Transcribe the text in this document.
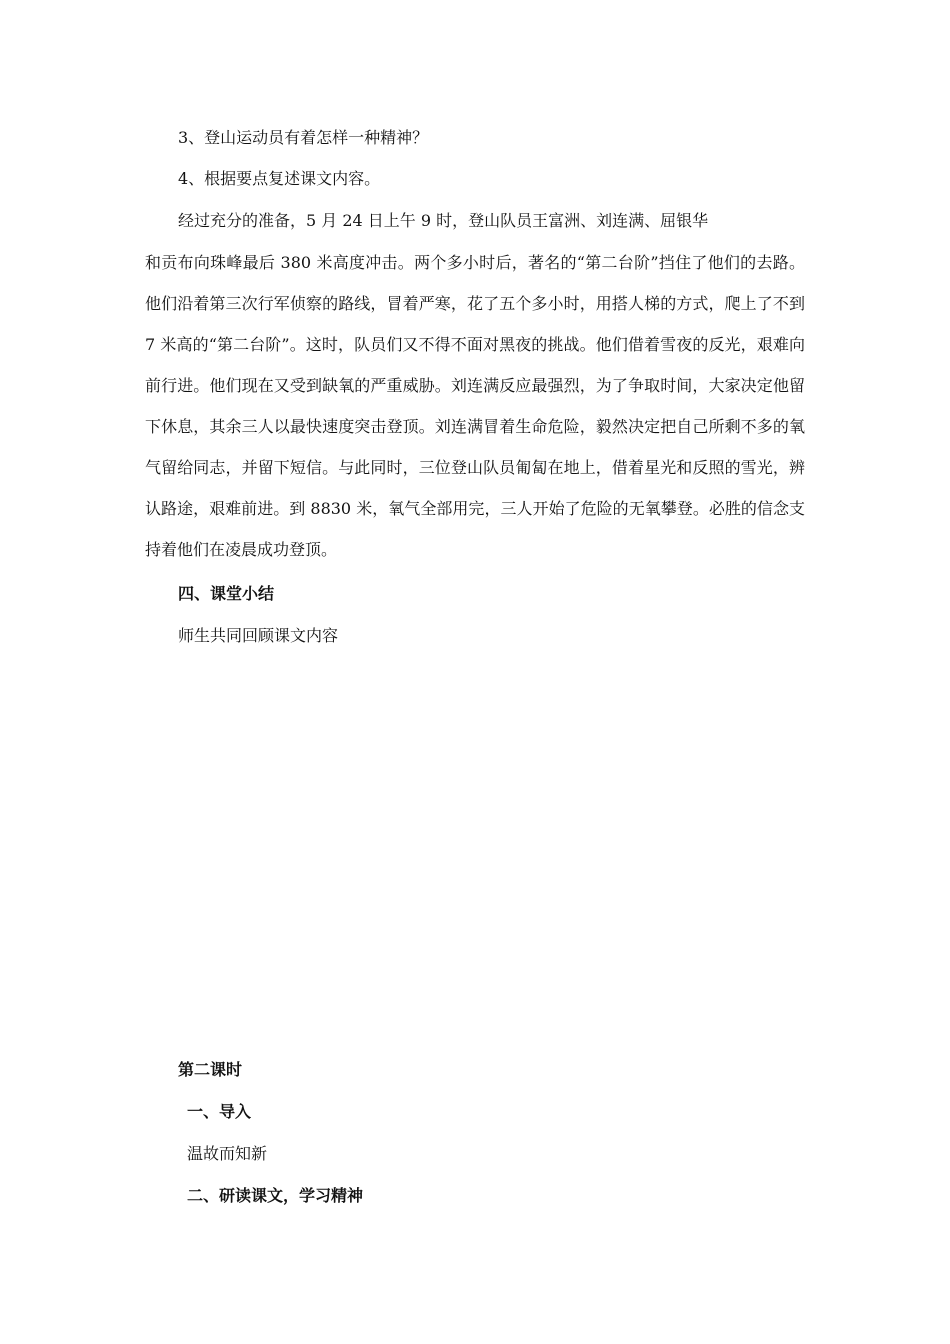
3、登山运动员有着怎样一种精神？
4、根据要点复述课文内容。
经过充分的准备，5 月 24 日上午 9 时，登山队员王富洲、刘连满、屈银华
和贡布向珠峰最后 380 米高度冲击。两个多小时后，著名的“第二台阶”挡住了他们的去路。他们沿着第三次行军侦察的路线，冒着严寒，花了五个多小时，用搭人梯的方式，爬上了不到 7 米高的“第二台阶”。这时，队员们又不得不面对黑夜的挑战。他们借着雪夜的反光，艰难向前行进。他们现在又受到缺氧的严重威胁。刘连满反应最强烈，为了争取时间，大家决定他留下休息，其余三人以最快速度突击登顶。刘连满冒着生命危险，毅然决定把自己所剩不多的氧气留给同志，并留下短信。与此同时，三位登山队员匍匐在地上，借着星光和反照的雪光，辨认路途，艰难前进。到 8830 米，氧气全部用完，三人开始了危险的无氧攀登。必胜的信念支持着他们在凌晨成功登顶。
四、课堂小结
师生共同回顾课文内容
第二课时
一、导入
温故而知新
二、研读课文，学习精神
